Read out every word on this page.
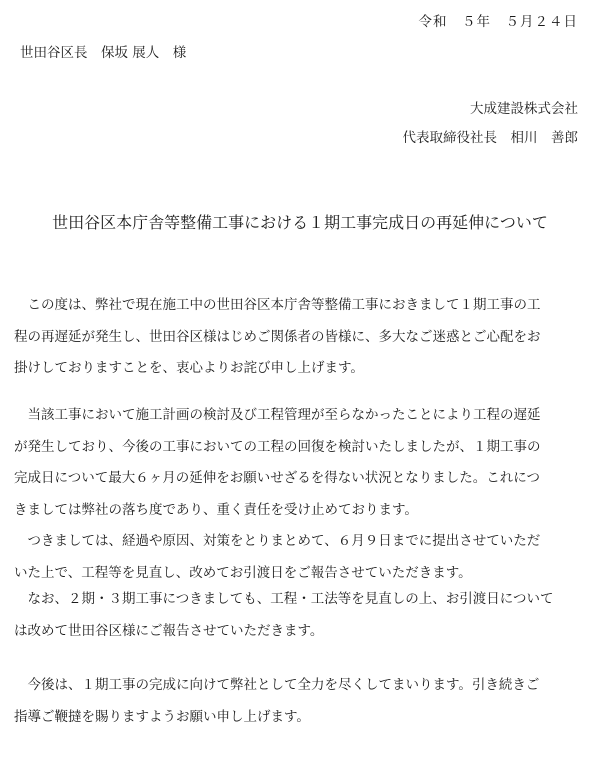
令和　５年　５月２４日
世田谷区長　保坂 展人　様
大成建設株式会社
代表取締役社長　相川　善郎
世田谷区本庁舎等整備工事における１期工事完成日の再延伸について
　この度は、弊社で現在施工中の世田谷区本庁舎等整備工事におきまして１期工事の工
程の再遅延が発生し、世田谷区様はじめご関係者の皆様に、多大なご迷惑とご心配をお
掛けしておりますことを、衷心よりお詫び申し上げます。
　当該工事において施工計画の検討及び工程管理が至らなかったことにより工程の遅延
が発生しており、今後の工事においての工程の回復を検討いたしましたが、１期工事の
完成日について最大６ヶ月の延伸をお願いせざるを得ない状況となりました。これにつ
きましては弊社の落ち度であり、重く責任を受け止めております。
　つきましては、経過や原因、対策をとりまとめて、６月９日までに提出させていただ
いた上で、工程等を見直し、改めてお引渡日をご報告させていただきます。
　なお、２期・３期工事につきましても、工程・工法等を見直しの上、お引渡日について
は改めて世田谷区様にご報告させていただきます。
　今後は、１期工事の完成に向けて弊社として全力を尽くしてまいります。引き続きご
指導ご鞭撻を賜りますようお願い申し上げます。
